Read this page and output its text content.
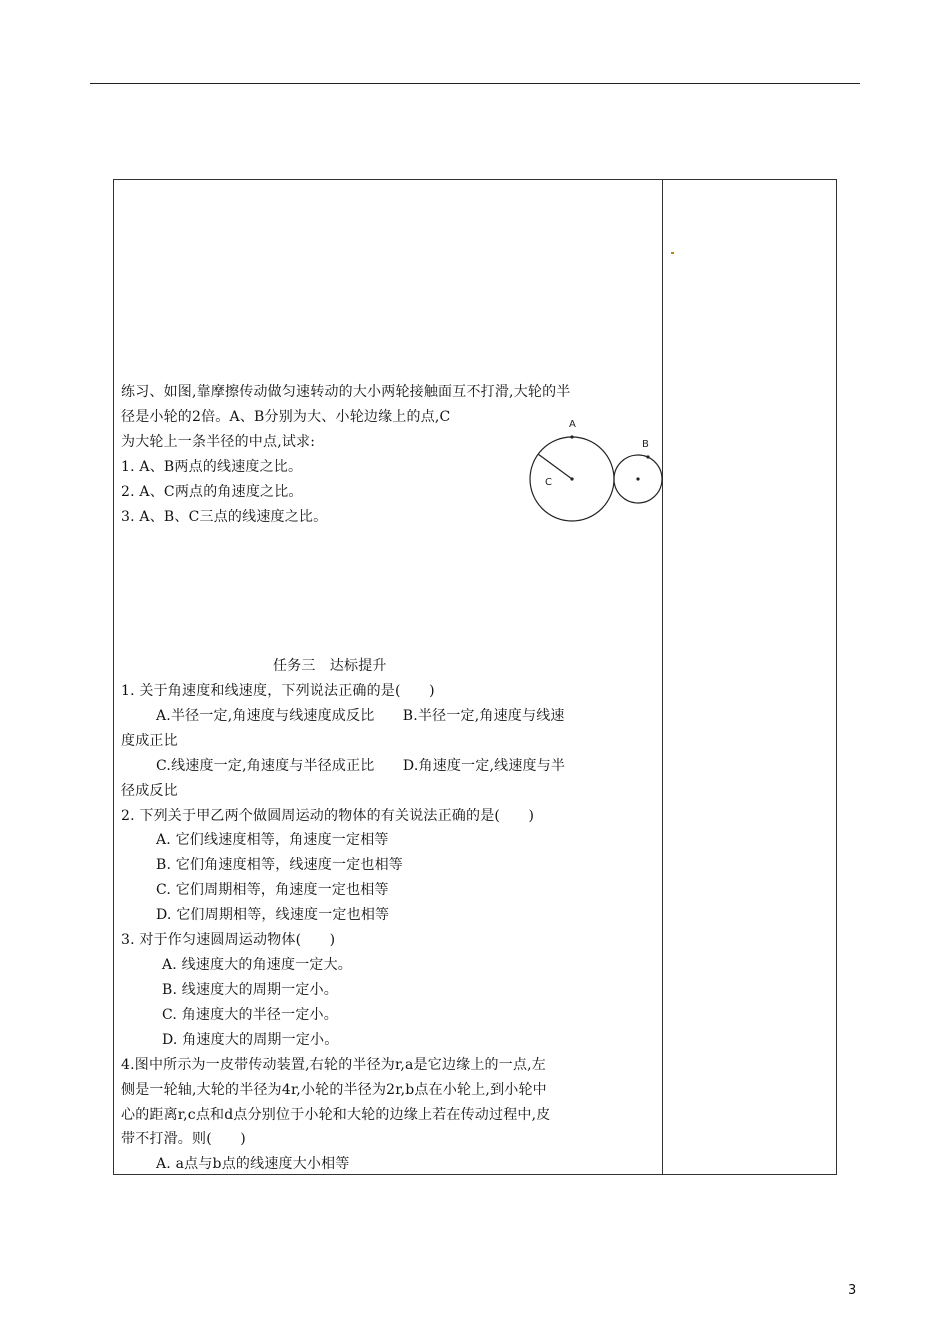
练习、如图,靠摩擦传动做匀速转动的大小两轮接触面互不打滑,大轮的半
径是小轮的2倍。A、B分别为大、小轮边缘上的点,C
为大轮上一条半径的中点,试求:
1. A、B两点的线速度之比。
2. A、C两点的角速度之比。
3. A、B、C三点的线速度之比。
A
B
C
任务三　达标提升
1. 关于角速度和线速度，下列说法正确的是(　　)
A.半径一定,角速度与线速度成反比　　B.半径一定,角速度与线速
度成正比
C.线速度一定,角速度与半径成正比　　D.角速度一定,线速度与半
径成反比
2. 下列关于甲乙两个做圆周运动的物体的有关说法正确的是(　　)
A. 它们线速度相等，角速度一定相等
B. 它们角速度相等，线速度一定也相等
C. 它们周期相等，角速度一定也相等
D. 它们周期相等，线速度一定也相等
3. 对于作匀速圆周运动物体(　　)
A. 线速度大的角速度一定大。
B. 线速度大的周期一定小。
C. 角速度大的半径一定小。
D. 角速度大的周期一定小。
4.图中所示为一皮带传动装置,右轮的半径为r,a是它边缘上的一点,左
侧是一轮轴,大轮的半径为4r,小轮的半径为2r,b点在小轮上,到小轮中
心的距离r,c点和d点分别位于小轮和大轮的边缘上若在传动过程中,皮
带不打滑。则(　　)
A. a点与b点的线速度大小相等
3
